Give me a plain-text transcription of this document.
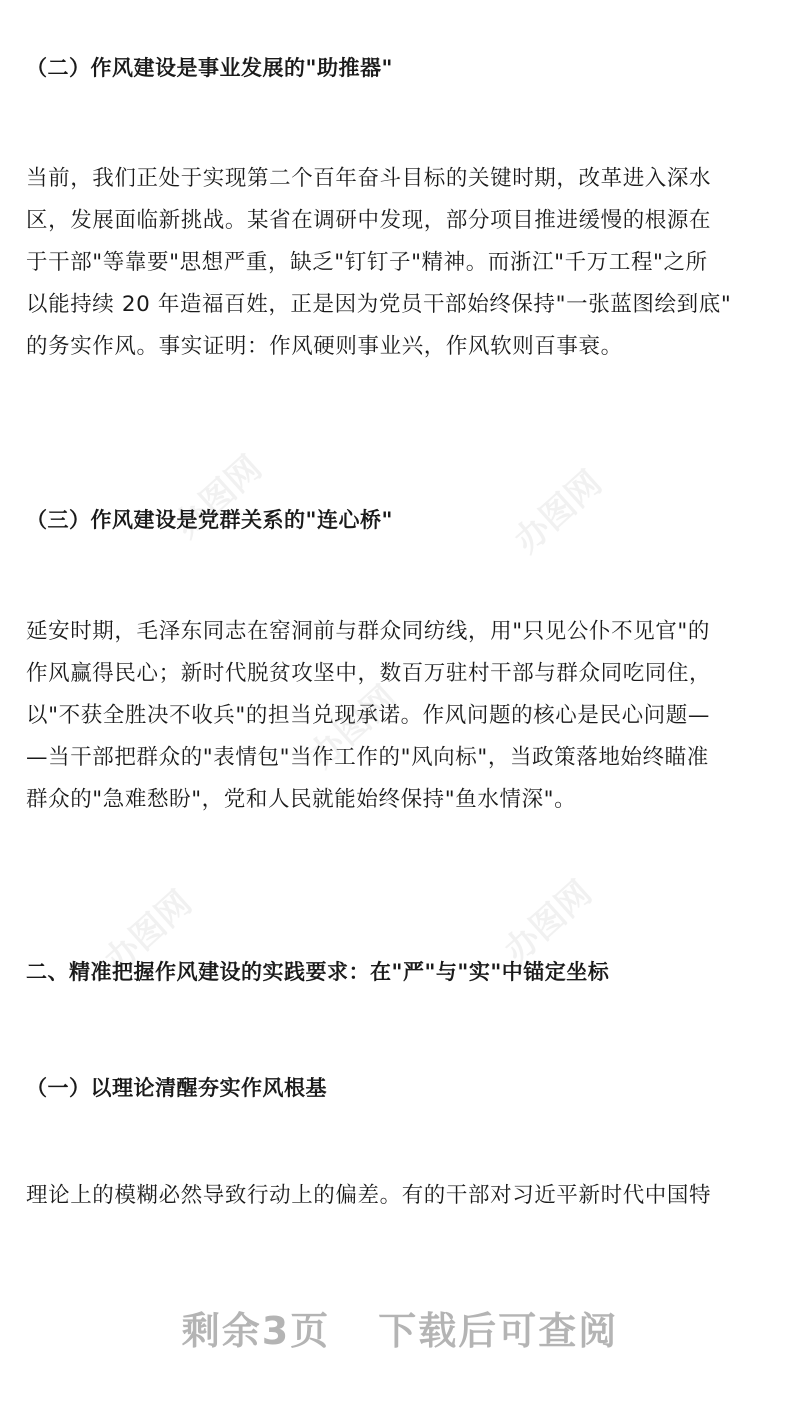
办图网	办图网
办图网
办图网	办图网
（二）作风建设是事业发展的"助推器"
当前，我们正处于实现第二个百年奋斗目标的关键时期，改革进入深水
区，发展面临新挑战。某省在调研中发现，部分项目推进缓慢的根源在
于干部"等靠要"思想严重，缺乏"钉钉子"精神。而浙江"千万工程"之所
以能持续 20 年造福百姓，正是因为党员干部始终保持"一张蓝图绘到底"
的务实作风。事实证明：作风硬则事业兴，作风软则百事衰。
（三）作风建设是党群关系的"连心桥"
延安时期，毛泽东同志在窑洞前与群众同纺线，用"只见公仆不见官"的
作风赢得民心；新时代脱贫攻坚中，数百万驻村干部与群众同吃同住，
以"不获全胜决不收兵"的担当兑现承诺。作风问题的核心是民心问题—
—当干部把群众的"表情包"当作工作的"风向标"，当政策落地始终瞄准
群众的"急难愁盼"，党和人民就能始终保持"鱼水情深"。
二、精准把握作风建设的实践要求：在"严"与"实"中锚定坐标
（一）以理论清醒夯实作风根基
理论上的模糊必然导致行动上的偏差。有的干部对习近平新时代中国特
剩余3页 下载后可查阅
